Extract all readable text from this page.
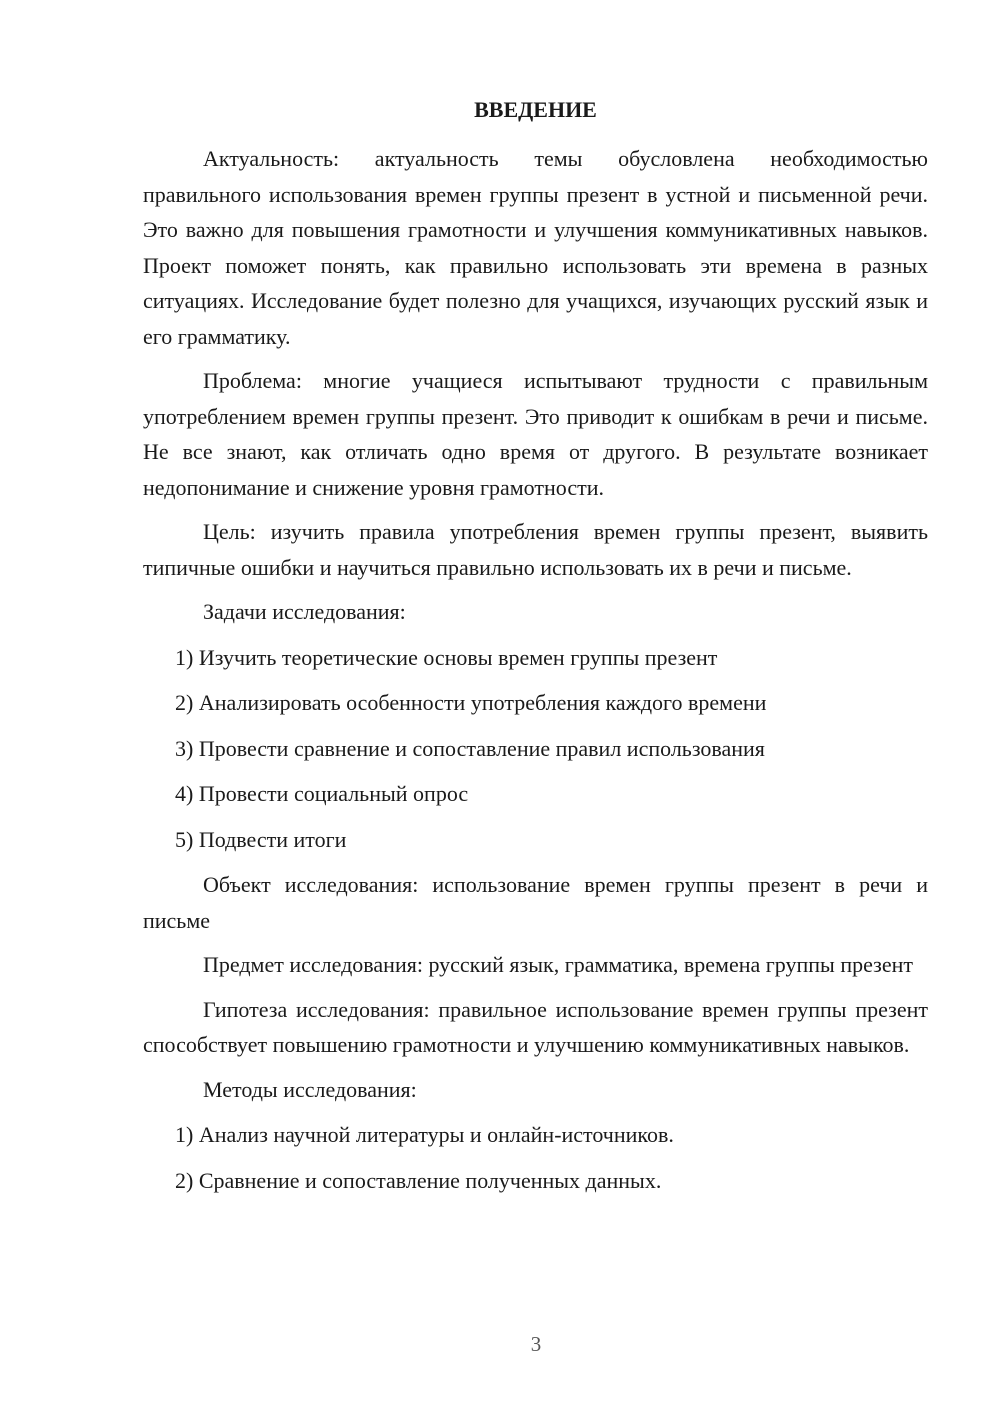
ВВЕДЕНИЕ
Актуальность: актуальность темы обусловлена необходимостью правильного использования времен группы презент в устной и письменной речи. Это важно для повышения грамотности и улучшения коммуникативных навыков. Проект поможет понять, как правильно использовать эти времена в разных ситуациях. Исследование будет полезно для учащихся, изучающих русский язык и его грамматику.
Проблема: многие учащиеся испытывают трудности с правильным употреблением времен группы презент. Это приводит к ошибкам в речи и письме. Не все знают, как отличать одно время от другого. В результате возникает недопонимание и снижение уровня грамотности.
Цель: изучить правила употребления времен группы презент, выявить типичные ошибки и научиться правильно использовать их в речи и письме.
Задачи исследования:
1) Изучить теоретические основы времен группы презент
2) Анализировать особенности употребления каждого времени
3) Провести сравнение и сопоставление правил использования
4) Провести социальный опрос
5) Подвести итоги
Объект исследования: использование времен группы презент в речи и письме
Предмет исследования: русский язык, грамматика, времена группы презент
Гипотеза исследования: правильное использование времен группы презент способствует повышению грамотности и улучшению коммуникативных навыков.
Методы исследования:
1) Анализ научной литературы и онлайн-источников.
2) Сравнение и сопоставление полученных данных.
3
